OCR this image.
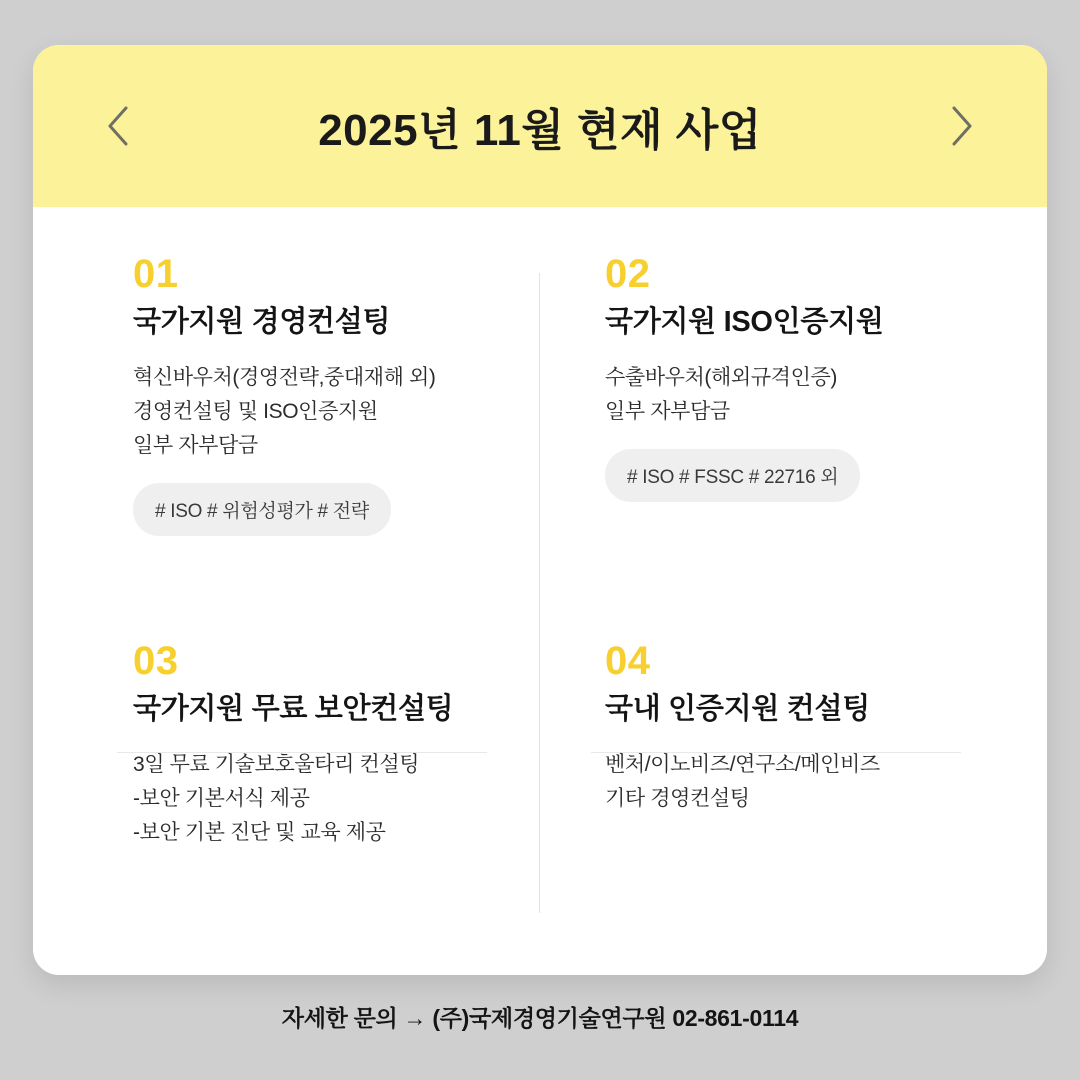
2025년 11월 현재 사업
01
국가지원 경영컨설팅
혁신바우처(경영전략,중대재해 외)
경영컨설팅 및 ISO인증지원
일부 자부담금
# ISO # 위험성평가 # 전략
02
국가지원 ISO인증지원
수출바우처(해외규격인증)
일부 자부담금
# ISO # FSSC # 22716 외
03
국가지원 무료 보안컨설팅
3일 무료 기술보호울타리 컨설팅
-보안 기본서식 제공
-보안 기본 진단 및 교육 제공
04
국내 인증지원 컨설팅
벤처/이노비즈/연구소/메인비즈
기타 경영컨설팅
자세한 문의 → (주)국제경영기술연구원 02-861-0114
